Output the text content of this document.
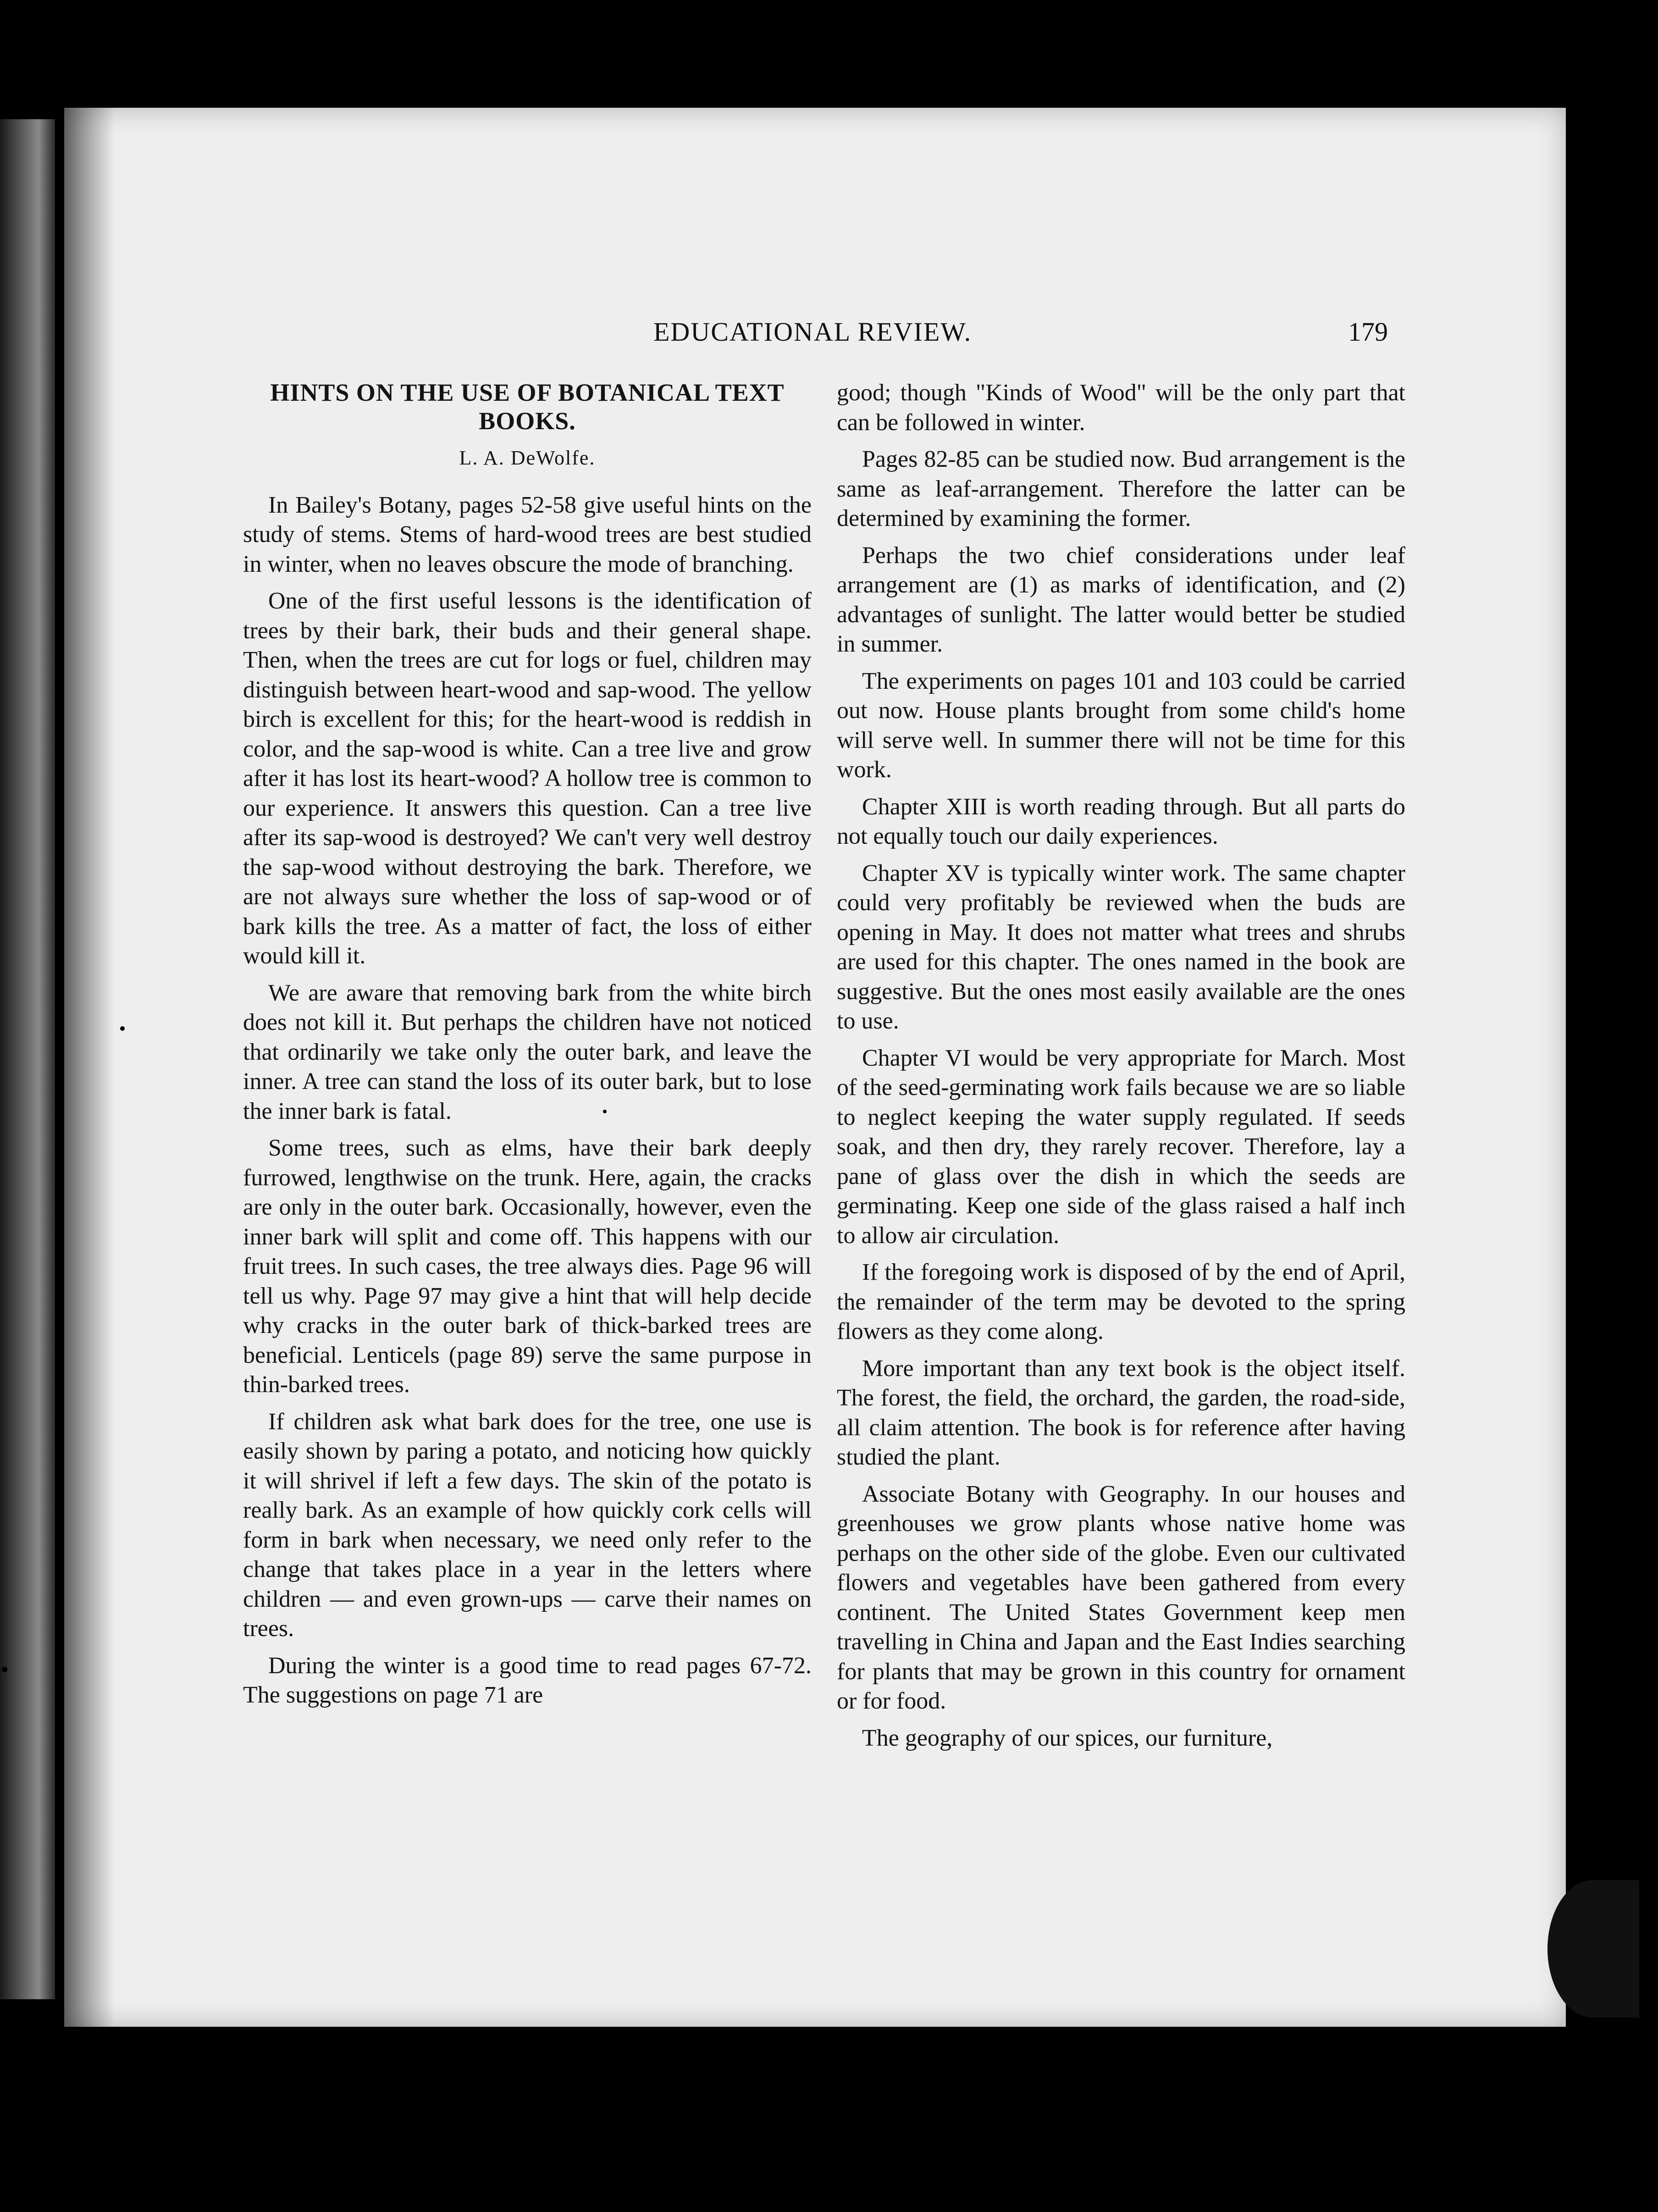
EDUCATIONAL REVIEW.	179
HINTS ON THE USE OF BOTANICAL TEXT BOOKS.
L. A. DeWolfe.

In Bailey's Botany, pages 52-58 give useful hints on the study of stems. Stems of hard-wood trees are best studied in winter, when no leaves obscure the mode of branching.

One of the first useful lessons is the identification of trees by their bark, their buds and their general shape. Then, when the trees are cut for logs or fuel, children may distinguish between heart-wood and sap-wood. The yellow birch is excellent for this; for the heart-wood is reddish in color, and the sap-wood is white. Can a tree live and grow after it has lost its heart-wood? A hollow tree is common to our experience. It answers this question. Can a tree live after its sap-wood is destroyed? We can't very well destroy the sap-wood without destroying the bark. Therefore, we are not always sure whether the loss of sap-wood or of bark kills the tree. As a matter of fact, the loss of either would kill it.

We are aware that removing bark from the white birch does not kill it. But perhaps the children have not noticed that ordinarily we take only the outer bark, and leave the inner. A tree can stand the loss of its outer bark, but to lose the inner bark is fatal.

Some trees, such as elms, have their bark deeply furrowed, lengthwise on the trunk. Here, again, the cracks are only in the outer bark. Occasionally, however, even the inner bark will split and come off. This happens with our fruit trees. In such cases, the tree always dies. Page 96 will tell us why. Page 97 may give a hint that will help decide why cracks in the outer bark of thick-barked trees are beneficial. Lenticels (page 89) serve the same purpose in thin-barked trees.

If children ask what bark does for the tree, one use is easily shown by paring a potato, and noticing how quickly it will shrivel if left a few days. The skin of the potato is really bark. As an example of how quickly cork cells will form in bark when necessary, we need only refer to the change that takes place in a year in the letters where children — and even grown-ups — carve their names on trees.

During the winter is a good time to read pages 67-72. The suggestions on page 71 are

good; though "Kinds of Wood" will be the only part that can be followed in winter.

Pages 82-85 can be studied now. Bud arrangement is the same as leaf-arrangement. Therefore the latter can be determined by examining the former.

Perhaps the two chief considerations under leaf arrangement are (1) as marks of identification, and (2) advantages of sunlight. The latter would better be studied in summer.

The experiments on pages 101 and 103 could be carried out now. House plants brought from some child's home will serve well. In summer there will not be time for this work.

Chapter XIII is worth reading through. But all parts do not equally touch our daily experiences.

Chapter XV is typically winter work. The same chapter could very profitably be reviewed when the buds are opening in May. It does not matter what trees and shrubs are used for this chapter. The ones named in the book are suggestive. But the ones most easily available are the ones to use.

Chapter VI would be very appropriate for March. Most of the seed-germinating work fails because we are so liable to neglect keeping the water supply regulated. If seeds soak, and then dry, they rarely recover. Therefore, lay a pane of glass over the dish in which the seeds are germinating. Keep one side of the glass raised a half inch to allow air circulation.

If the foregoing work is disposed of by the end of April, the remainder of the term may be devoted to the spring flowers as they come along.

More important than any text book is the object itself. The forest, the field, the orchard, the garden, the road-side, all claim attention. The book is for reference after having studied the plant.

Associate Botany with Geography. In our houses and greenhouses we grow plants whose native home was perhaps on the other side of the globe. Even our cultivated flowers and vegetables have been gathered from every continent. The United States Government keep men travelling in China and Japan and the East Indies searching for plants that may be grown in this country for ornament or for food.

The geography of our spices, our furniture,
